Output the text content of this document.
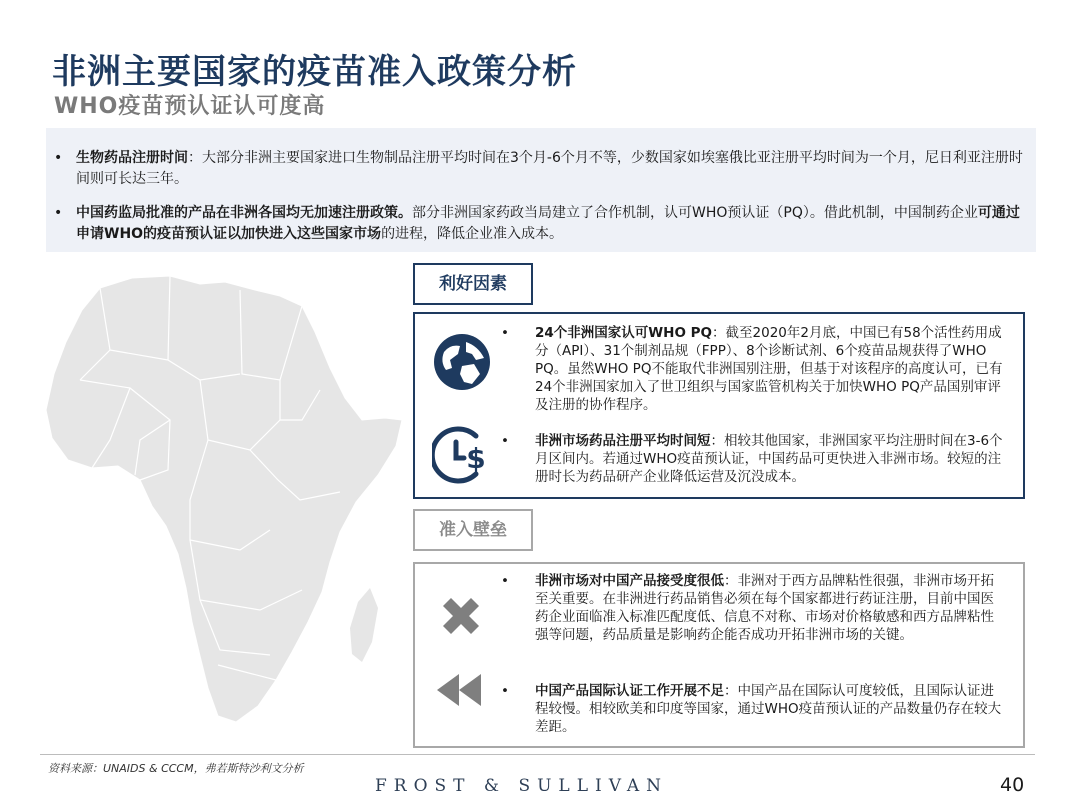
非洲主要国家的疫苗准入政策分析
WHO疫苗预认证认可度高
• 生物药品注册时间：大部分非洲主要国家进口生物制品注册平均时间在3个月-6个月不等，少数国家如埃塞俄比亚注册平均时间为一个月，尼日利亚注册时间则可长达三年。
• 中国药监局批准的产品在非洲各国均无加速注册政策。部分非洲国家药政当局建立了合作机制，认可WHO预认证（PQ）。借此机制，中国制药企业可通过申请WHO的疫苗预认证以加快进入这些国家市场的进程，降低企业准入成本。
利好因素
• 24个非洲国家认可WHO PQ：截至2020年2月底，中国已有58个活性药用成分（API）、31个制剂品规（FPP）、8个诊断试剂、6个疫苗品规获得了WHO PQ。虽然WHO PQ不能取代非洲国别注册，但基于对该程序的高度认可，已有24个非洲国家加入了世卫组织与国家监管机构关于加快WHO PQ产品国别审评及注册的协作程序。
$
• 非洲市场药品注册平均时间短：相较其他国家，非洲国家平均注册时间在3-6个月区间内。若通过WHO疫苗预认证，中国药品可更快进入非洲市场。较短的注册时长为药品研产企业降低运营及沉没成本。
准入壁垒
• 非洲市场对中国产品接受度很低：非洲对于西方品牌粘性很强，非洲市场开拓至关重要。在非洲进行药品销售必须在每个国家都进行药证注册，目前中国医药企业面临准入标准匹配度低、信息不对称、市场对价格敏感和西方品牌粘性强等问题，药品质量是影响药企能否成功开拓非洲市场的关键。
• 中国产品国际认证工作开展不足：中国产品在国际认可度较低，且国际认证进程较慢。相较欧美和印度等国家，通过WHO疫苗预认证的产品数量仍存在较大差距。
资料来源：UNAIDS & CCCM，弗若斯特沙利文分析
FROST & SULLIVAN	40
